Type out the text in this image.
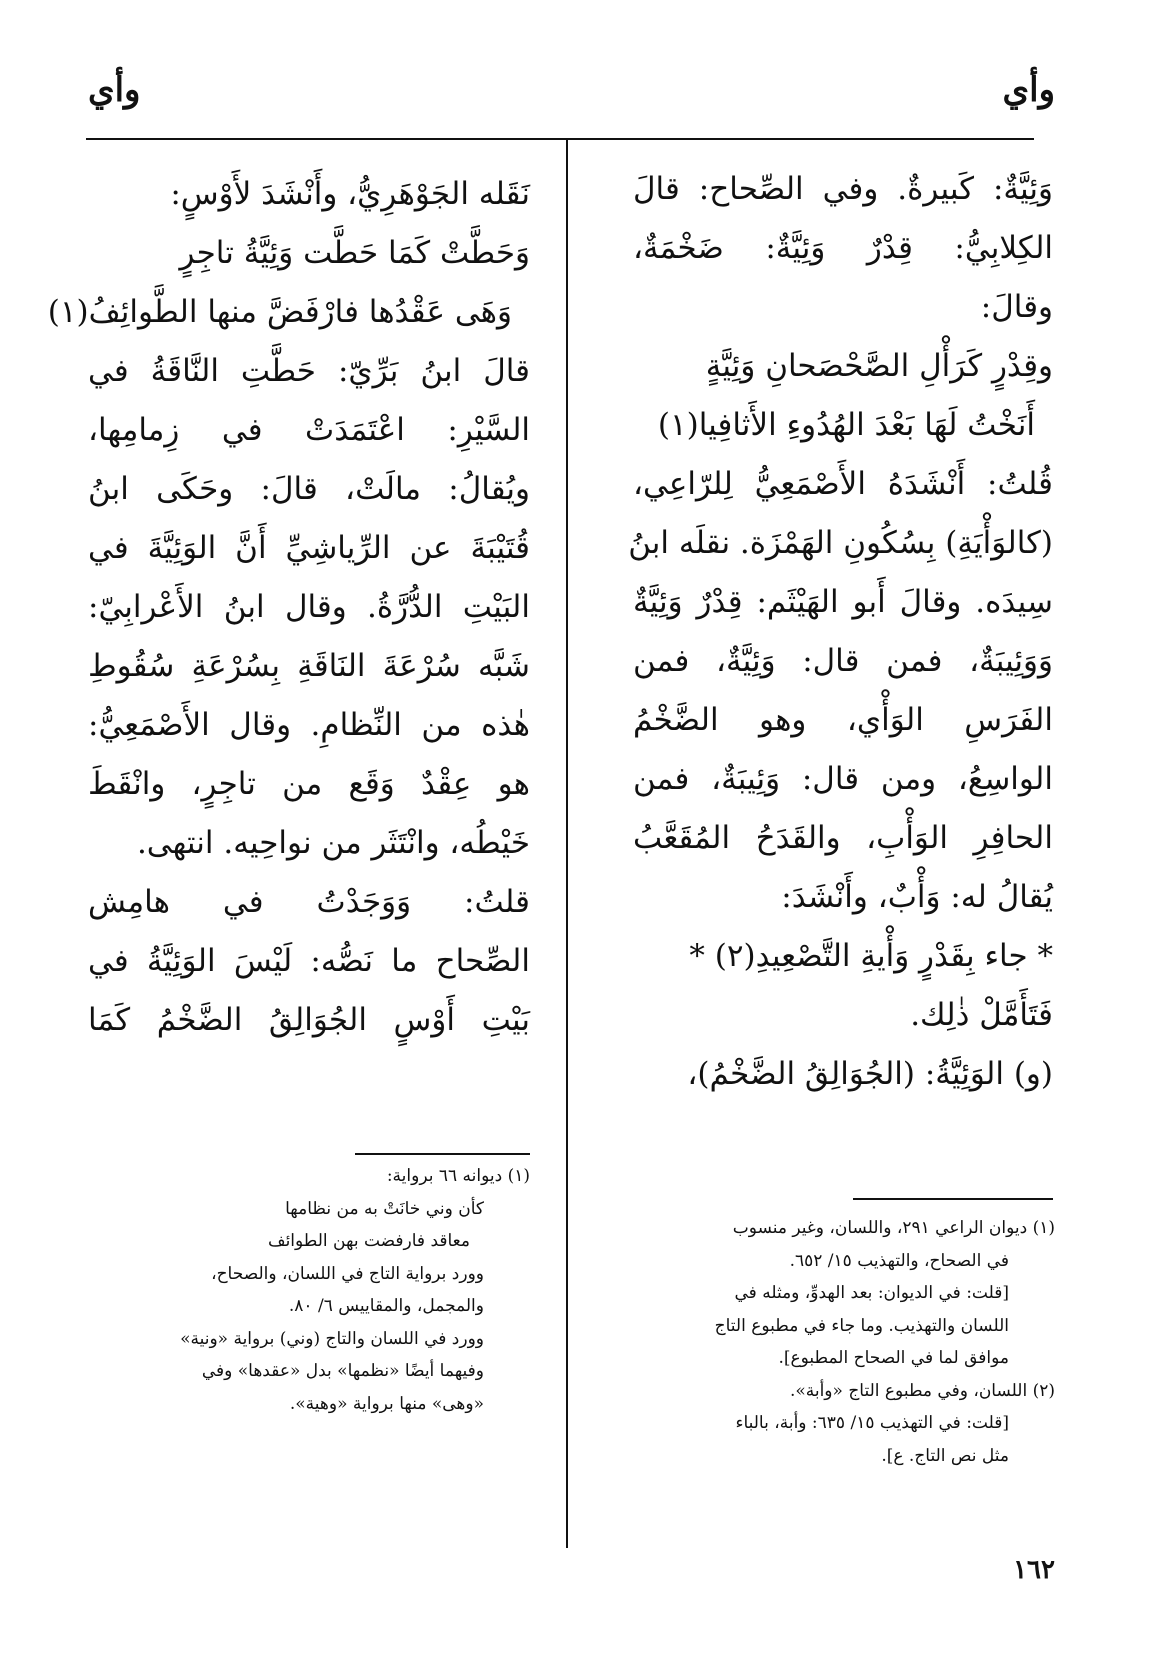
وأي
وأي
وَئِيَّةٌ: كَبيرةٌ. وفي الصِّحاح: قالَ
الكِلابِيُّ: قِدْرٌ وَئِيَّةٌ: ضَخْمَةٌ،
وقالَ:
وقِدْرٍ كَرَأْلِ الصَّحْصَحانِ وَئِيَّةٍ
أَنَخْتُ لَهَا بَعْدَ الهُدُوءِ الأَثافِيا(١)
قُلتُ: أَنْشَدَهُ الأَصْمَعِيُّ لِلرّاعِي،
(كالوَأْيَةِ) بِسُكُونِ الهَمْزَة. نقلَه ابنُ
سِيدَه. وقالَ أَبو الهَيْثَم: قِدْرٌ وَئِيَّةٌ
وَوَئِيبَةٌ، فمن قال: وَئِيَّةٌ، فمن
الفَرَسِ الوَأْي، وهو الضَّخْمُ
الواسِعُ، ومن قال: وَئِيبَةٌ، فمن
الحافِرِ الوَأْبِ، والقَدَحُ المُقَعَّبُ
يُقالُ له: وَأْبٌ، وأَنْشَدَ:
* جاء بِقَدْرٍ وَأْيةِ التَّصْعِيدِ(٢) *
فَتَأَمَّلْ ذٰلِك.
(و) الوَئِيَّةُ: (الجُوَالِقُ الضَّخْمُ)،
نَقَله الجَوْهَرِيُّ، وأَنْشَدَ لأَوْسٍ:
وَحَطَّتْ كَمَا حَطَّت وَئِيَّةُ تاجِرٍ
وَهَى عَقْدُها فارْفَضَّ منها الطَّوائِفُ(١)
قالَ ابنُ بَرِّيّ: حَطَّتِ النَّاقَةُ في
السَّيْرِ: اعْتَمَدَتْ في زِمامِها،
ويُقالُ: مالَتْ، قالَ: وحَكَى ابنُ
قُتَيْبَةَ عن الرِّياشِيِّ أَنَّ الوَئِيَّةَ في
البَيْتِ الدُّرَّةُ. وقال ابنُ الأَعْرابِيّ:
شَبَّه سُرْعَةَ النَاقَةِ بِسُرْعَةِ سُقُوطِ
هٰذه من النِّظامِ. وقال الأَصْمَعِيُّ:
هو عِقْدٌ وَقَع من تاجِرٍ، وانْقَطَ
خَيْطُه، وانْتَثَر من نواحِيه. انتهى.
قلتُ: وَوَجَدْتُ في هامِش
الصِّحاح ما نَصُّه: لَيْسَ الوَئِيَّةُ في
بَيْتِ أَوْسٍ الجُوَالِقُ الضَّخْمُ كَمَا
(١) ديوان الراعي ٢٩١، واللسان، وغير منسوب
في الصحاح، والتهذيب ١٥/ ٦٥٢.
[قلت: في الديوان: بعد الهدوِّ، ومثله في
اللسان والتهذيب. وما جاء في مطبوع التاج
موافق لما في الصحاح المطبوع].
(٢) اللسان، وفي مطبوع التاج «وأبة».
[قلت: في التهذيب ١٥/ ٦٣٥: وأبة، بالباء
مثل نص التاج. ع].
(١) ديوانه ٦٦ برواية:
كأن وني خانَتْ به من نظامها
معاقد فارفضت بهن الطوائف
وورد برواية التاج في اللسان، والصحاح،
والمجمل، والمقاييس ٦/ ٨٠.
وورد في اللسان والتاج (وني) برواية «ونية»
وفيهما أيضًا «نظمها» بدل «عقدها» وفي
«وهى» منها برواية «وهية».
١٦٢
